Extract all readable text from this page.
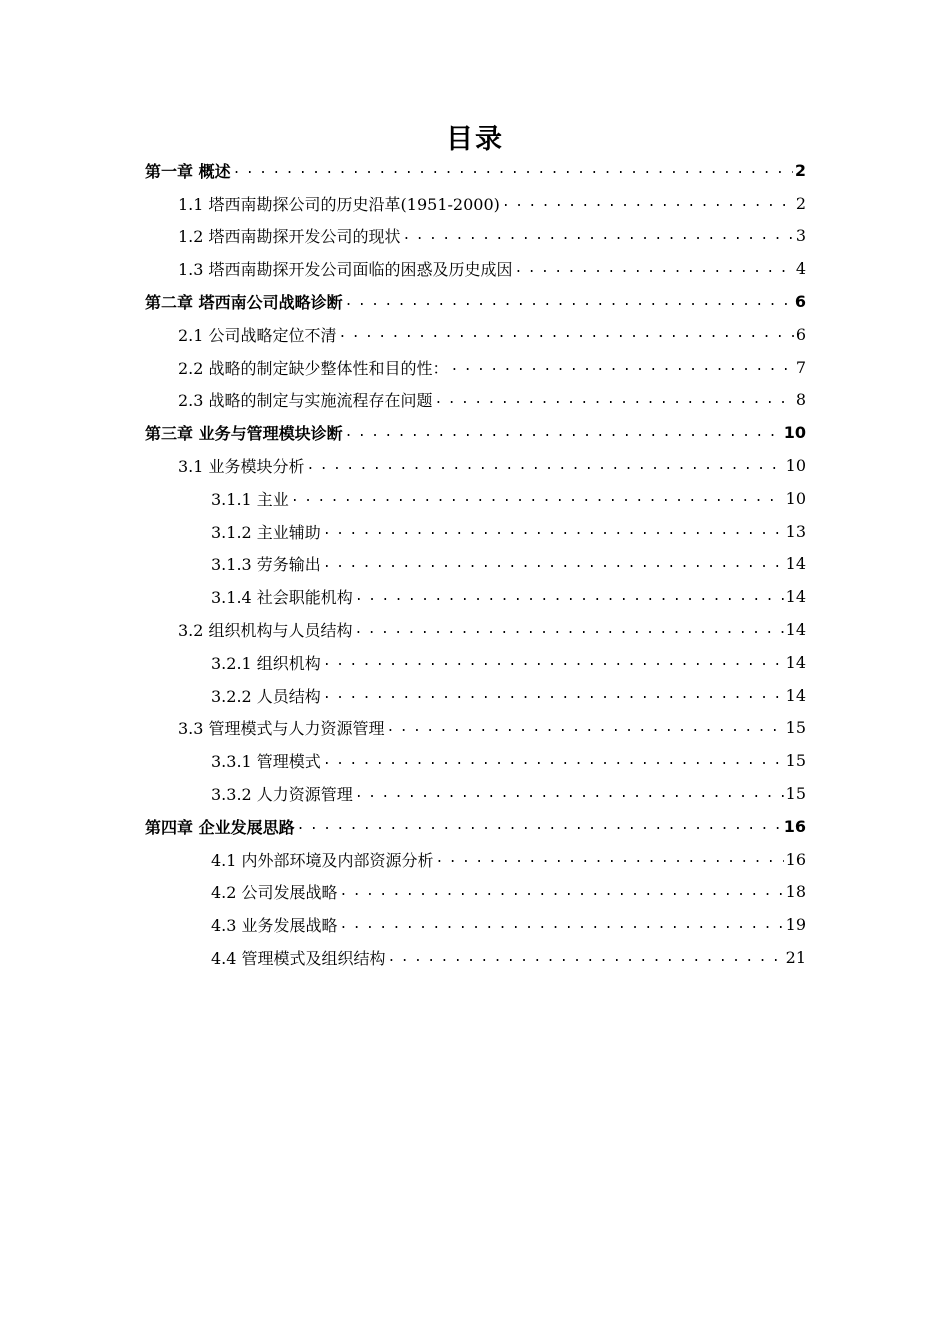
目录
第一章 概述 . . .	2
1.1 塔西南勘探公司的历史沿革(1951-2000) . . .	2
1.2 塔西南勘探开发公司的现状 . . .	3
1.3 塔西南勘探开发公司面临的困惑及历史成因 . . .	4
第二章 塔西南公司战略诊断 . . .	6
2.1 公司战略定位不清 . . .	6
2.2 战略的制定缺少整体性和目的性： . . .	7
2.3 战略的制定与实施流程存在问题 . . .	8
第三章 业务与管理模块诊断 . . .	10
3.1 业务模块分析 . . .	10
3.1.1 主业 . . .	10
3.1.2 主业辅助 . . .	13
3.1.3 劳务输出 . . .	14
3.1.4 社会职能机构 . . .	14
3.2 组织机构与人员结构 . . .	14
3.2.1 组织机构 . . .	14
3.2.2 人员结构 . . .	14
3.3 管理模式与人力资源管理 . . .	15
3.3.1 管理模式 . . .	15
3.3.2 人力资源管理 . . .	15
第四章 企业发展思路 . . .	16
4.1 内外部环境及内部资源分析 . . .	16
4.2 公司发展战略 . . .	18
4.3 业务发展战略 . . .	19
4.4 管理模式及组织结构 . . .	21
